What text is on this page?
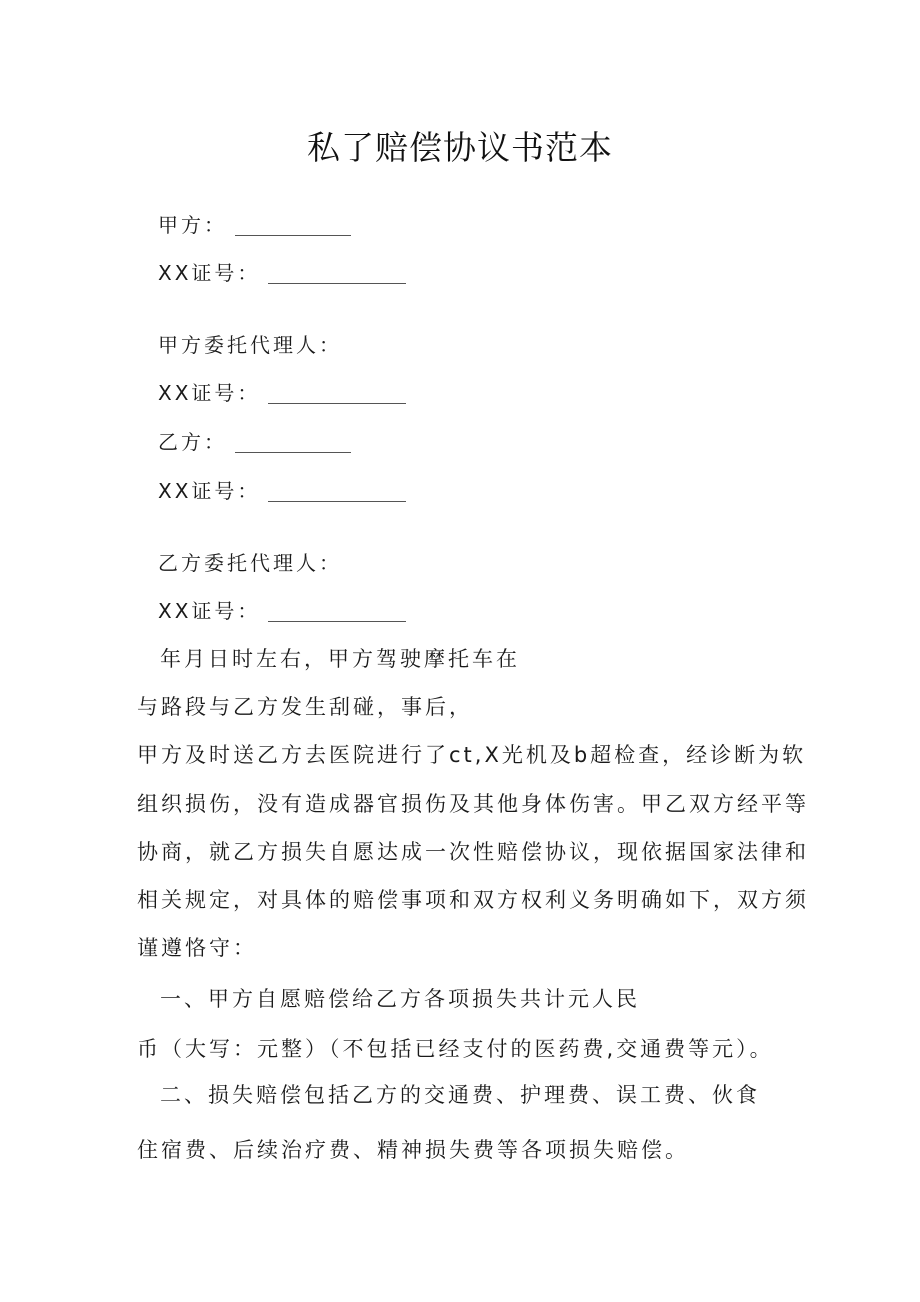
私了赔偿协议书范本
甲方：
XX证号：
甲方委托代理人：
XX证号：
乙方：
XX证号：
乙方委托代理人：
XX证号：
年月日时左右，甲方驾驶摩托车在
与路段与乙方发生刮碰，事后，
甲方及时送乙方去医院进行了ct,X光机及b超检查，经诊断为软
组织损伤，没有造成器官损伤及其他身体伤害。甲乙双方经平等
协商，就乙方损失自愿达成一次性赔偿协议，现依据国家法律和
相关规定，对具体的赔偿事项和双方权利义务明确如下，双方须
谨遵恪守：
一、甲方自愿赔偿给乙方各项损失共计元人民
币（大写：元整）（不包括已经支付的医药费,交通费等元）。
二、损失赔偿包括乙方的交通费、护理费、误工费、伙食
住宿费、后续治疗费、精神损失费等各项损失赔偿。
